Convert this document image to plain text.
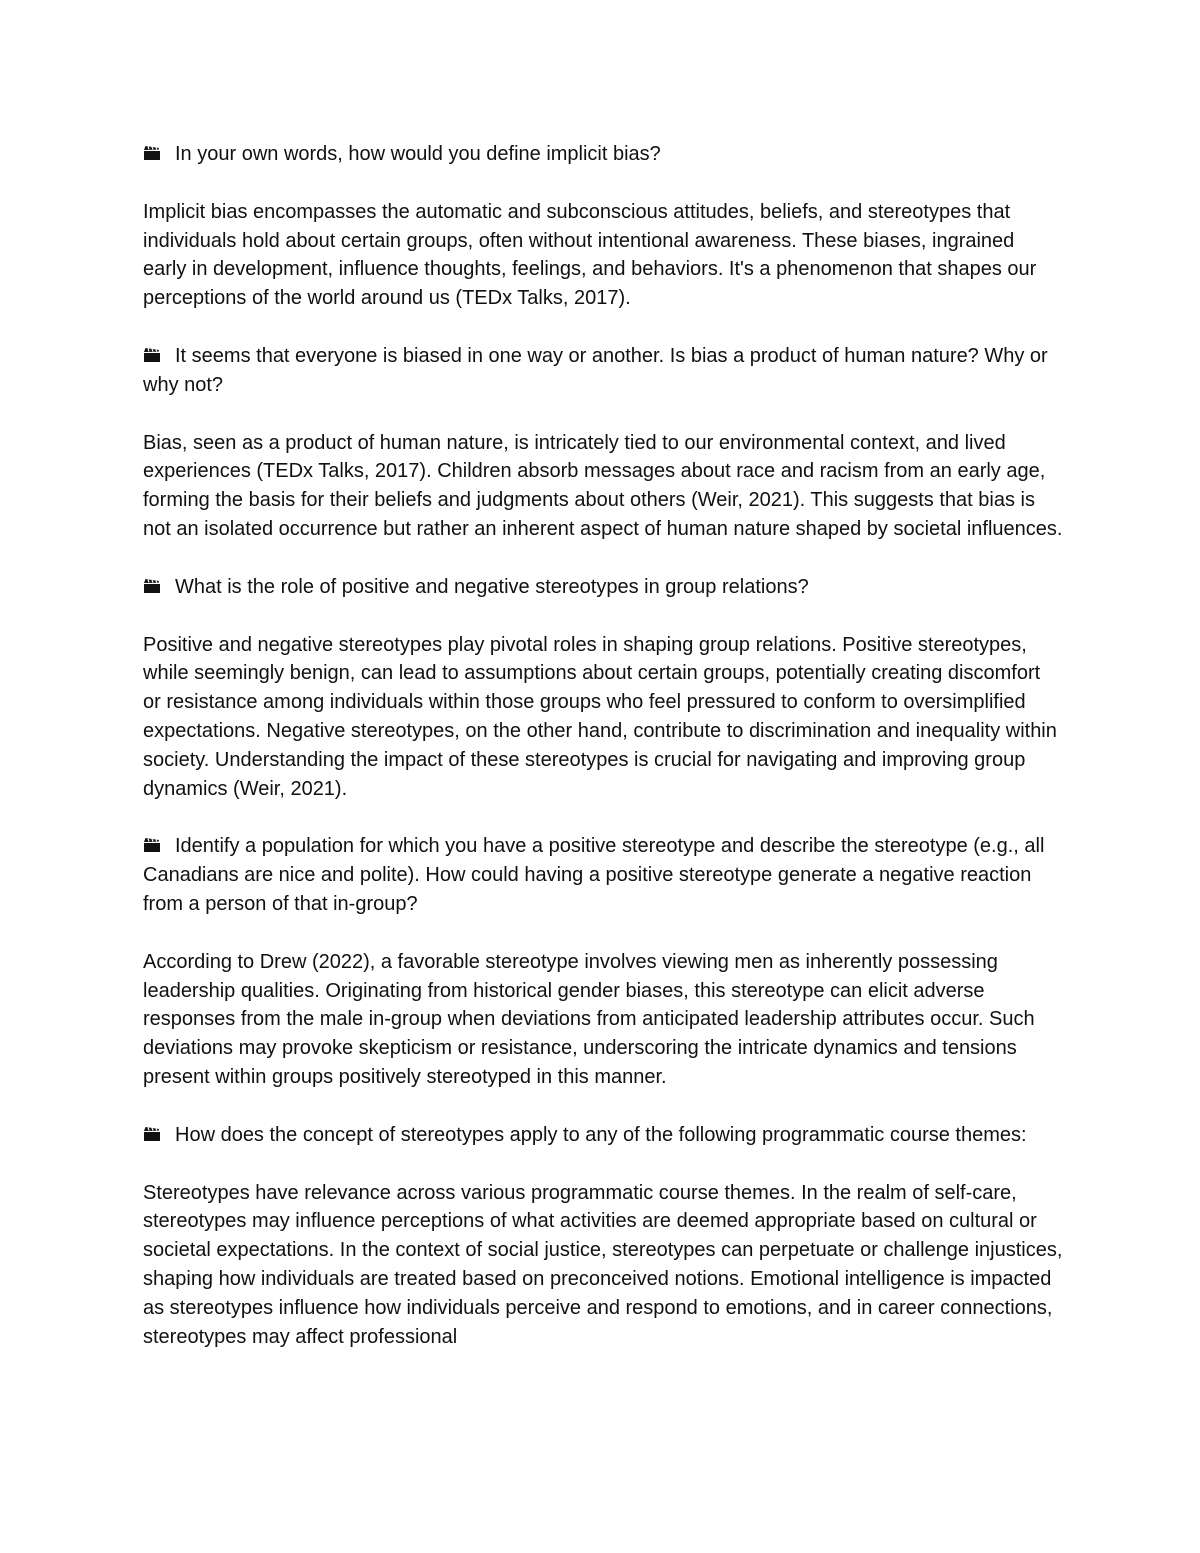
In your own words, how would you define implicit bias?
Implicit bias encompasses the automatic and subconscious attitudes, beliefs, and stereotypes that individuals hold about certain groups, often without intentional awareness. These biases, ingrained early in development, influence thoughts, feelings, and behaviors. It's a phenomenon that shapes our perceptions of the world around us (TEDx Talks, 2017).
It seems that everyone is biased in one way or another. Is bias a product of human nature? Why or why not?
Bias, seen as a product of human nature, is intricately tied to our environmental context, and lived experiences (TEDx Talks, 2017). Children absorb messages about race and racism from an early age, forming the basis for their beliefs and judgments about others (Weir, 2021). This suggests that bias is not an isolated occurrence but rather an inherent aspect of human nature shaped by societal influences.
What is the role of positive and negative stereotypes in group relations?
Positive and negative stereotypes play pivotal roles in shaping group relations. Positive stereotypes, while seemingly benign, can lead to assumptions about certain groups, potentially creating discomfort or resistance among individuals within those groups who feel pressured to conform to oversimplified expectations. Negative stereotypes, on the other hand, contribute to discrimination and inequality within society. Understanding the impact of these stereotypes is crucial for navigating and improving group dynamics (Weir, 2021).
Identify a population for which you have a positive stereotype and describe the stereotype (e.g., all Canadians are nice and polite). How could having a positive stereotype generate a negative reaction from a person of that in-group?
According to Drew (2022), a favorable stereotype involves viewing men as inherently possessing leadership qualities. Originating from historical gender biases, this stereotype can elicit adverse responses from the male in-group when deviations from anticipated leadership attributes occur. Such deviations may provoke skepticism or resistance, underscoring the intricate dynamics and tensions present within groups positively stereotyped in this manner.
How does the concept of stereotypes apply to any of the following programmatic course themes:
Stereotypes have relevance across various programmatic course themes. In the realm of self-care, stereotypes may influence perceptions of what activities are deemed appropriate based on cultural or societal expectations. In the context of social justice, stereotypes can perpetuate or challenge injustices, shaping how individuals are treated based on preconceived notions. Emotional intelligence is impacted as stereotypes influence how individuals perceive and respond to emotions, and in career connections, stereotypes may affect professional
